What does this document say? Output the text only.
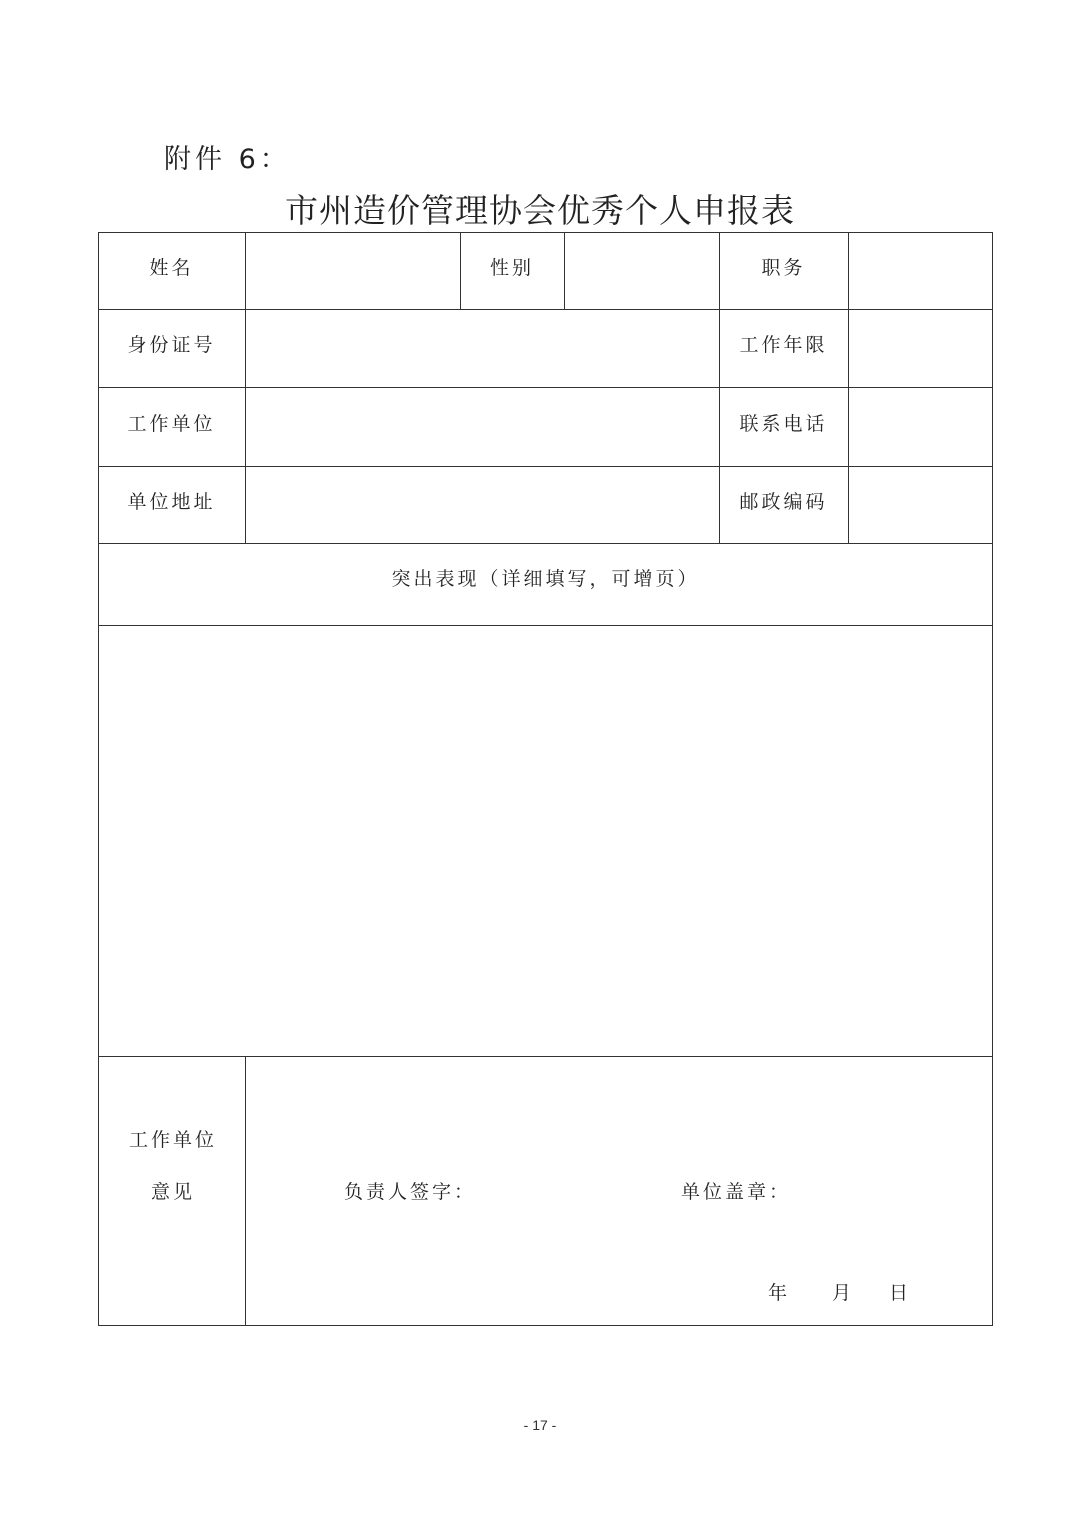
附件 6：
市州造价管理协会优秀个人申报表
姓名	性别	职务
身份证号	工作年限
工作单位	联系电话
单位地址	邮政编码
突出表现（详细填写，可增页）
工作单位
意见	负责人签字：	单位盖章：
年 月 日
- 17 -
